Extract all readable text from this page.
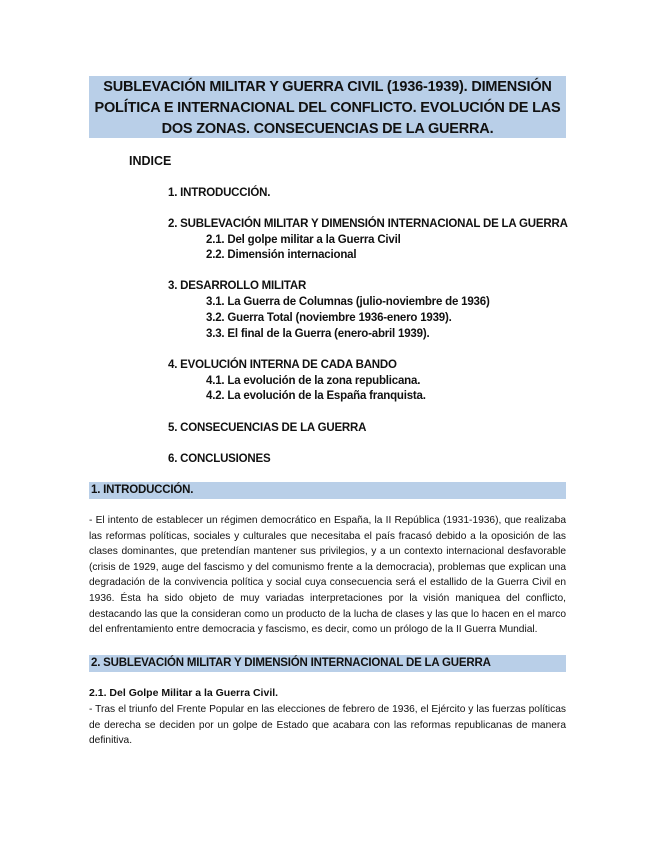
SUBLEVACIÓN MILITAR Y GUERRA CIVIL (1936-1939). DIMENSIÓN
POLÍTICA E INTERNACIONAL DEL CONFLICTO. EVOLUCIÓN DE LAS
DOS ZONAS. CONSECUENCIAS DE LA GUERRA.
INDICE
1. INTRODUCCIÓN.
2. SUBLEVACIÓN MILITAR Y DIMENSIÓN INTERNACIONAL DE LA GUERRA
2.1. Del golpe militar a la Guerra Civil
2.2. Dimensión internacional
3. DESARROLLO MILITAR
3.1. La Guerra de Columnas (julio-noviembre de 1936)
3.2. Guerra Total (noviembre 1936-enero 1939).
3.3. El final de la Guerra (enero-abril 1939).
4. EVOLUCIÓN INTERNA DE CADA BANDO
4.1. La evolución de la zona republicana.
4.2. La evolución de la España franquista.
5. CONSECUENCIAS DE LA GUERRA
6. CONCLUSIONES
1. INTRODUCCIÓN.
- El intento de establecer un régimen democrático en España, la II República (1931-1936), que realizaba las reformas políticas, sociales y culturales que necesitaba el país fracasó debido a la oposición de las clases dominantes, que pretendían mantener sus privilegios, y a un contexto internacional desfavorable (crisis de 1929, auge del fascismo y del comunismo frente a la democracia), problemas que explican una degradación de la convivencia política y social cuya consecuencia será el estallido de la Guerra Civil en 1936. Ésta ha sido objeto de muy variadas interpretaciones por la visión maniquea del conflicto, destacando las que la consideran como un producto de la lucha de clases y las que lo hacen en el marco del enfrentamiento entre democracia y fascismo, es decir, como un prólogo de la II Guerra Mundial.
2. SUBLEVACIÓN MILITAR Y DIMENSIÓN INTERNACIONAL DE LA GUERRA
2.1. Del Golpe Militar a la Guerra Civil.
- Tras el triunfo del Frente Popular en las elecciones de febrero de 1936, el Ejército y las fuerzas políticas de derecha se deciden por un golpe de Estado que acabara con las reformas republicanas de manera definitiva.
